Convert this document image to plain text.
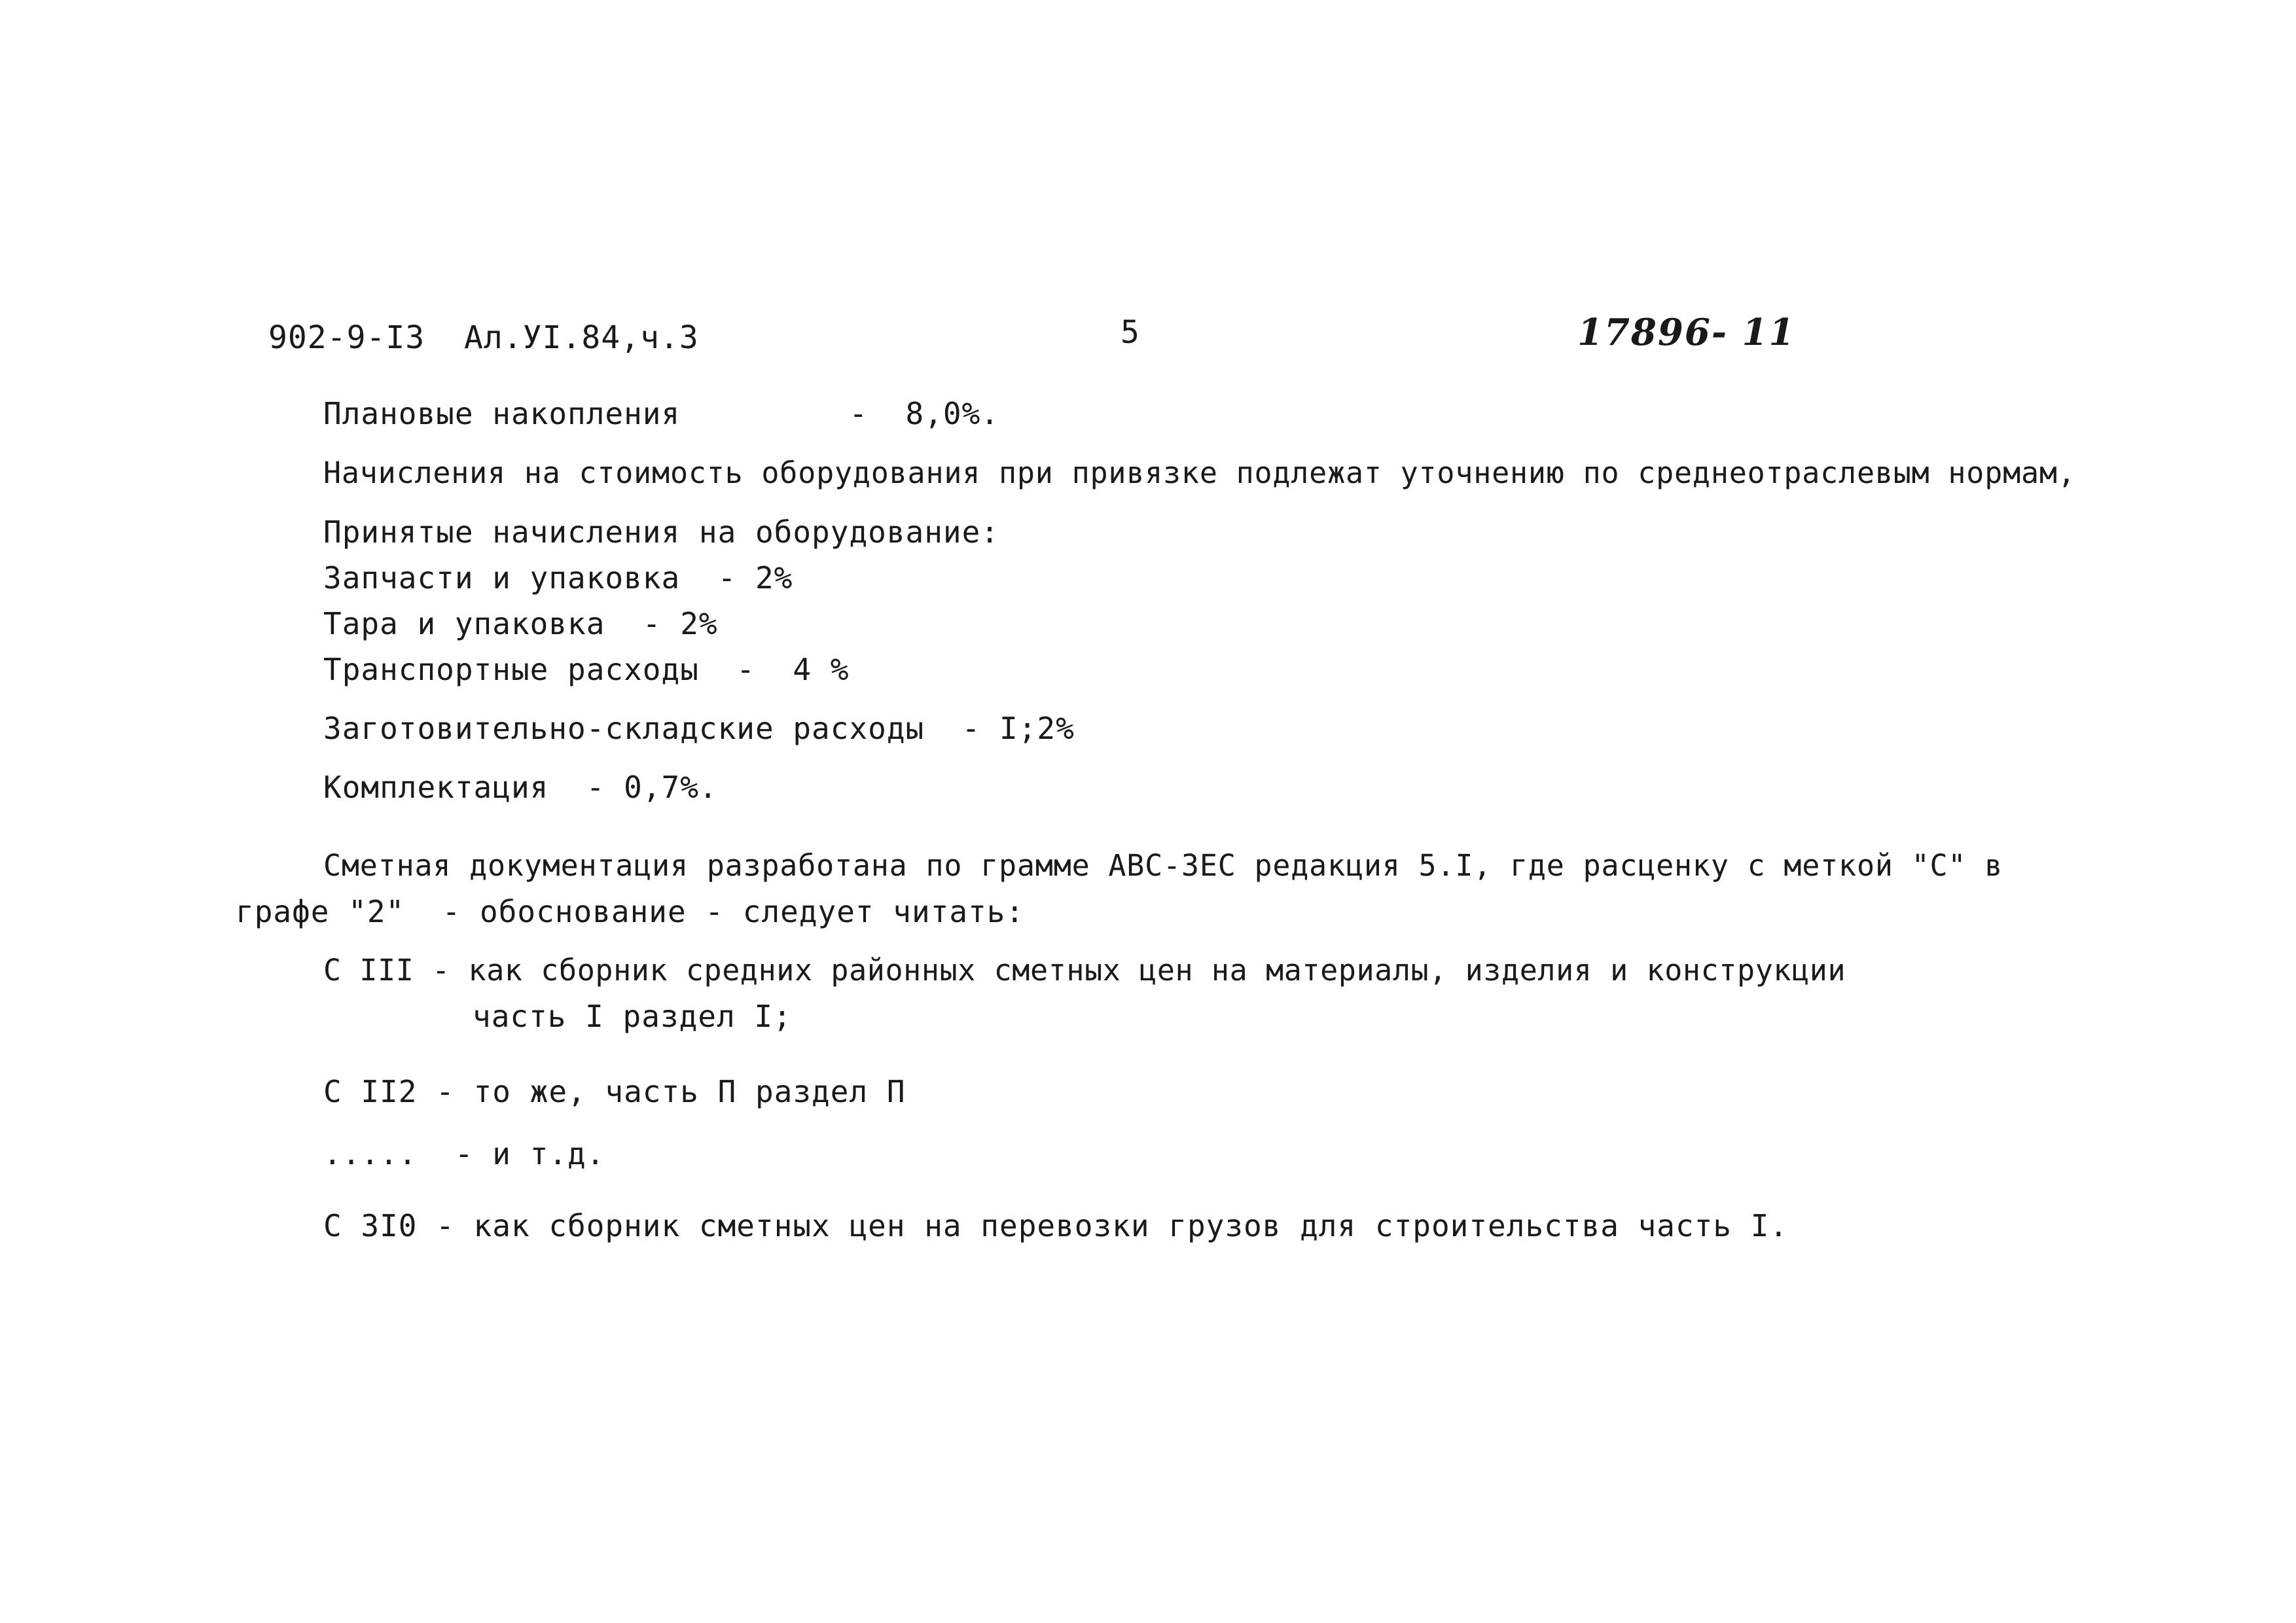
902-9-I3  Ал.УI.84,ч.3	5	17896- 11
Плановые накопления         -  8,0%.
Начисления на стоимость оборудования при привязке подлежат уточнению по среднеотраслевым нормам,
Принятые начисления на оборудование:
Запчасти и упаковка  - 2%
Тара и упаковка  - 2%
Транспортные расходы  -  4 %
Заготовительно-складские расходы  - I;2%
Комплектация  - 0,7%.
Сметная документация разработана по грамме АВС-3ЕС редакция 5.I, где расценку с меткой "С" в
графе "2"  - обоснование - следует читать:
С III - как сборник средних районных сметных цен на материалы, изделия и конструкции
часть I раздел I;
С II2 - то же, часть П раздел П
.....  - и т.д.
С 3I0 - как сборник сметных цен на перевозки грузов для строительства часть I.
